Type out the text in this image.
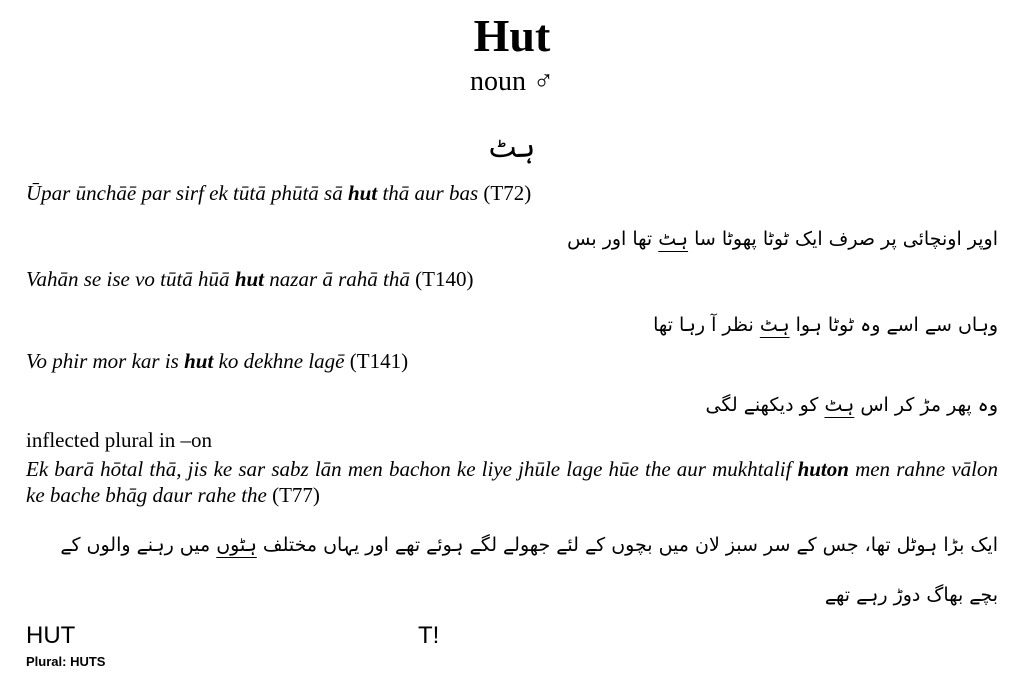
Hut
noun ♂
ہٹ
Ūpar ūnchāē par sirf ek tūtā phūtā sā hut thā aur bas (T72)
اوپر اونچائی پر صرف ایک ٹوٹا پھوٹا سا ہٹ تھا اور بس
Vahān se ise vo tūtā hūā hut nazar ā rahā thā (T140)
وہاں سے اسے وہ ٹوٹا ہوا ہٹ نظر آ رہا تھا
Vo phir mor kar is hut ko dekhne lagē (T141)
وہ پھر مڑ کر اس ہٹ کو دیکھنے لگی
inflected plural in –on
Ek barā hōtal thā, jis ke sar sabz lān men bachon ke liye jhūle lage hūe the aur mukhtalif huton men rahne vālon ke bache bhāg daur rahe the (T77)
ایک بڑا ہوٹل تھا، جس کے سر سبز لان میں بچوں کے لئے جھولے لگے ہوئے تھے اور یہاں مختلف ہٹوں میں رہنے والوں کے
بچے بھاگ دوڑ رہے تھے
HUT	T!
Plural: HUTS
